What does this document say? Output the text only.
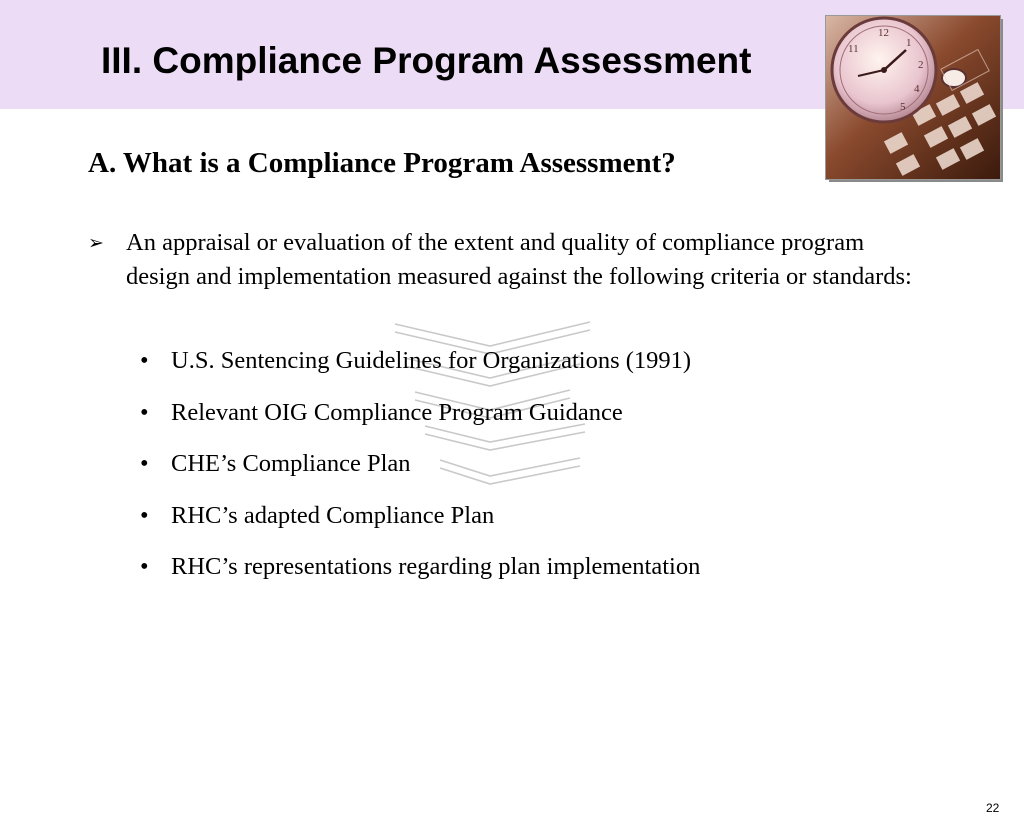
III. Compliance Program Assessment
12
1
2
4
5
11
A. What is a Compliance Program Assessment?
➢ An appraisal or evaluation of the extent and quality of compliance program design and implementation measured against the following criteria or standards:

• U.S. Sentencing Guidelines for Organizations (1991)
• Relevant OIG Compliance Program Guidance
• CHE’s Compliance Plan
• RHC’s adapted Compliance Plan
• RHC’s representations regarding plan implementation
22
